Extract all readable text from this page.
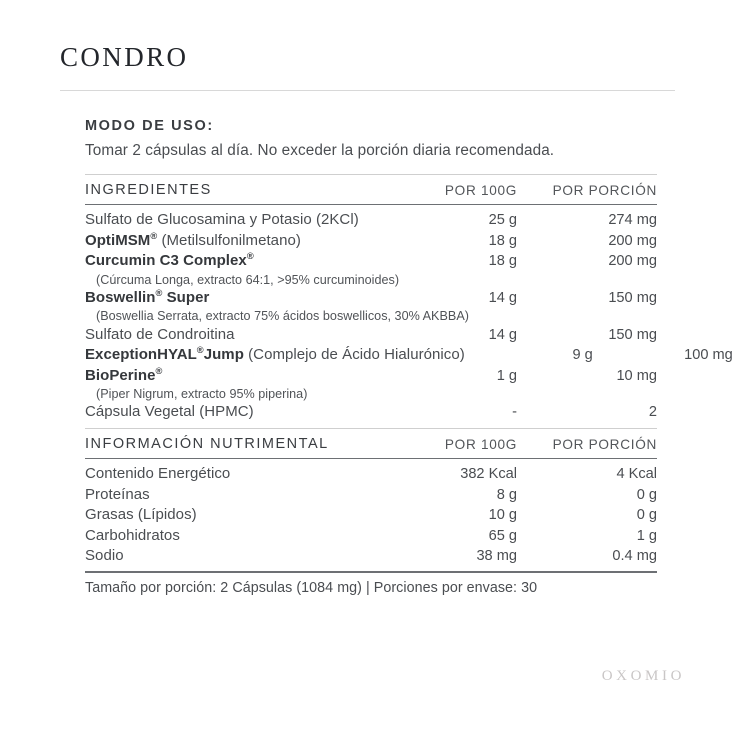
CONDRO
MODO DE USO:
Tomar 2 cápsulas al día. No exceder la porción diaria recomendada.
INGREDIENTES	POR 100G	POR PORCIÓN
Sulfato de Glucosamina y Potasio (2KCl)	25 g	274 mg
OptiMSM® (Metilsulfonilmetano)	18 g	200 mg
Curcumin C3 Complex®	18 g	200 mg
(Cúrcuma Longa, extracto 64:1, >95% curcuminoides)
Boswellin® Super	14 g	150 mg
(Boswellia Serrata, extracto 75% ácidos boswellicos, 30% AKBBA)
Sulfato de Condroitina	14 g	150 mg
ExceptionHYAL®Jump (Complejo de Ácido Hialurónico)	9 g	100 mg
BioPerine®	1 g	10 mg
(Piper Nigrum, extracto 95% piperina)
Cápsula Vegetal (HPMC)	-	2
INFORMACIÓN NUTRIMENTAL	POR 100G	POR PORCIÓN
Contenido Energético	382 Kcal	4 Kcal
Proteínas	8 g	0 g
Grasas (Lípidos)	10 g	0 g
Carbohidratos	65 g	1 g
Sodio	38 mg	0.4 mg
Tamaño por porción: 2 Cápsulas (1084 mg) | Porciones por envase: 30
OXOMIO
